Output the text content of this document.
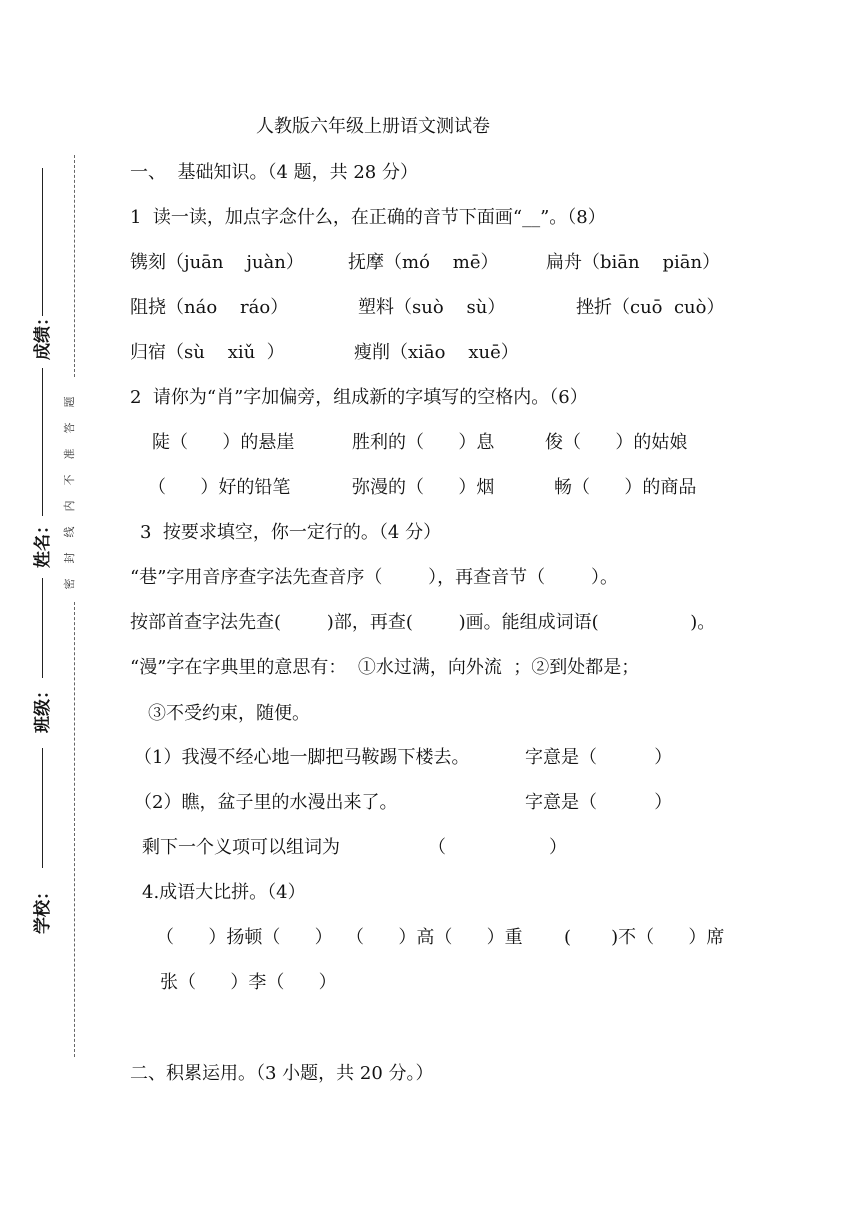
成绩：
姓名：
班级：
学校：
题
答
准
不
内
线
封
密
人教版六年级上册语文测试卷
一、  基础知识。（4 题，共 28 分）
1  读一读，加点字念什么，在正确的音节下面画“__”。（8）
镌刻（juān    juàn） 抚摩（mó    mē）	扁舟（biān    piān）
阻挠（náo    ráo）	塑料（suò    sù）	挫折（cuō  cuò）
归宿（sù    xiǔ  ）	瘦削（xiāo    xuē）
2  请你为“肖”字加偏旁，组成新的字填写的空格内。（6）
陡（      ）的悬崖	胜利的（      ）息	俊（      ）的姑娘
（      ）好的铅笔	弥漫的（      ）烟	畅（      ）的商品
3  按要求填空，你一定行的。（4 分）
“巷”字用音序查字法先查音序（        ），再查音节（        ）。
按部首查字法先查(        )部，再查(        )画。能组成词语(                )。
“漫”字在字典里的意思有：  ①水过满，向外流  ；②到处都是；
③不受约束，随便。
（1）我漫不经心地一脚把马鞍踢下楼去。	字意是（          ）
（2）瞧，盆子里的水漫出来了。	字意是（          ）
剩下一个义项可以组词为	（                  ）
4.成语大比拼。（4）
（      ）扬顿（      ） （      ）高（      ）重 (       )不（      ）席
张（      ）李（      ）
二、积累运用。（3 小题，共 20 分。）
